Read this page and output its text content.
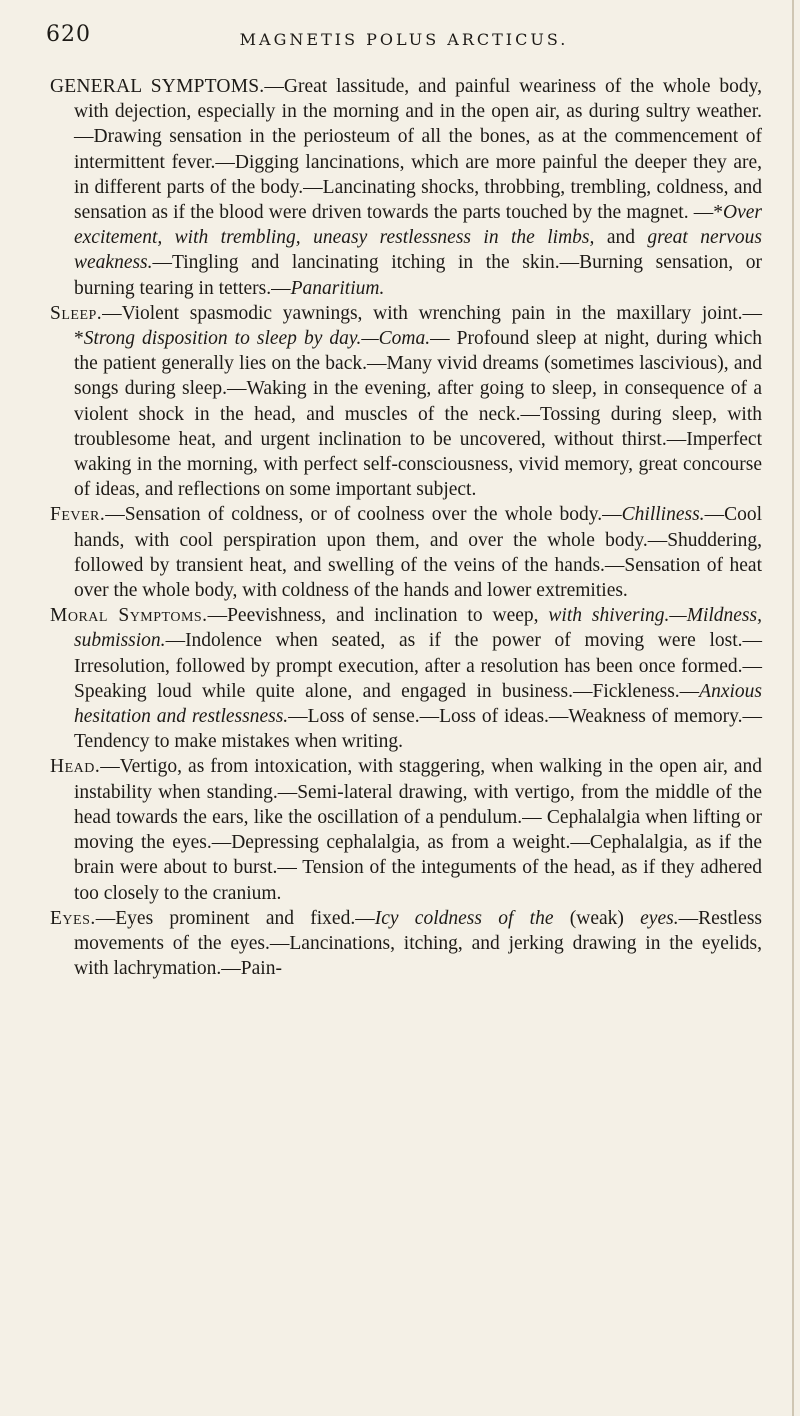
620	MAGNETIS POLUS ARCTICUS.

GENERAL SYMPTOMS.—Great lassitude, and painful weariness of the whole body, with dejection, especially in the morning and in the open air, as during sultry weather.—Drawing sensation in the periosteum of all the bones, as at the commencement of intermittent fever.—Digging lancinations, which are more painful the deeper they are, in different parts of the body.—Lancinating shocks, throbbing, trembling, coldness, and sensation as if the blood were driven towards the parts touched by the magnet. —*Over excitement, with trembling, uneasy restlessness in the limbs, and great nervous weakness.—Tingling and lancinating itching in the skin.—Burning sensation, or burning tearing in tetters.—Panaritium.

Sleep.—Violent spasmodic yawnings, with wrenching pain in the maxillary joint.—*Strong disposition to sleep by day.—Coma.— Profound sleep at night, during which the patient generally lies on the back.—Many vivid dreams (sometimes lascivious), and songs during sleep.—Waking in the evening, after going to sleep, in consequence of a violent shock in the head, and muscles of the neck.—Tossing during sleep, with troublesome heat, and urgent inclination to be uncovered, without thirst.—Imperfect waking in the morning, with perfect self-consciousness, vivid memory, great concourse of ideas, and reflections on some important subject.

Fever.—Sensation of coldness, or of coolness over the whole body.—Chilliness.—Cool hands, with cool perspiration upon them, and over the whole body.—Shuddering, followed by transient heat, and swelling of the veins of the hands.—Sensation of heat over the whole body, with coldness of the hands and lower extremities.

Moral Symptoms.—Peevishness, and inclination to weep, with shivering.—Mildness, submission.—Indolence when seated, as if the power of moving were lost.—Irresolution, followed by prompt execution, after a resolution has been once formed.—Speaking loud while quite alone, and engaged in business.—Fickleness.—Anxious hesitation and restlessness.—Loss of sense.—Loss of ideas.—Weakness of memory.—Tendency to make mistakes when writing.

Head.—Vertigo, as from intoxication, with staggering, when walking in the open air, and instability when standing.—Semi-lateral drawing, with vertigo, from the middle of the head towards the ears, like the oscillation of a pendulum.— Cephalalgia when lifting or moving the eyes.—Depressing cephalalgia, as from a weight.—Cephalalgia, as if the brain were about to burst.— Tension of the integuments of the head, as if they adhered too closely to the cranium.

Eyes.—Eyes prominent and fixed.—Icy coldness of the (weak) eyes.—Restless movements of the eyes.—Lancinations, itching, and jerking drawing in the eyelids, with lachrymation.—Pain-
